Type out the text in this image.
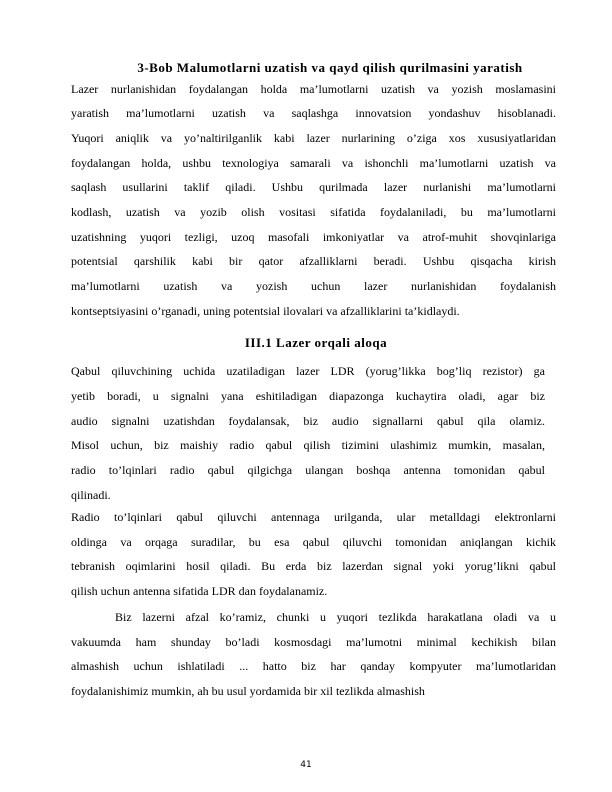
3-Bob Malumotlarni uzatish va qayd qilish qurilmasini yaratish
Lazer nurlanishidan foydalangan holda ma’lumotlarni uzatish va yozish moslamasini
yaratish ma’lumotlarni uzatish va saqlashga innovatsion yondashuv hisoblanadi.
Yuqori aniqlik va yo’naltirilganlik kabi lazer nurlarining o’ziga xos xususiyatlaridan
foydalangan holda, ushbu texnologiya samarali va ishonchli ma’lumotlarni uzatish va
saqlash usullarini taklif qiladi. Ushbu qurilmada lazer nurlanishi ma’lumotlarni
kodlash, uzatish va yozib olish vositasi sifatida foydalaniladi, bu ma’lumotlarni
uzatishning yuqori tezligi, uzoq masofali imkoniyatlar va atrof-muhit shovqinlariga
potentsial qarshilik kabi bir qator afzalliklarni beradi. Ushbu qisqacha kirish
ma’lumotlarni uzatish va yozish uchun lazer nurlanishidan foydalanish
kontseptsiyasini o’rganadi, uning potentsial ilovalari va afzalliklarini ta’kidlaydi.
III.1 Lazer orqali aloqa
Qabul qiluvchining uchida uzatiladigan lazer LDR (yorug’likka bog’liq rezistor) ga
yetib boradi, u signalni yana eshitiladigan diapazonga kuchaytira oladi, agar biz
audio signalni uzatishdan foydalansak, biz audio signallarni qabul qila olamiz.
Misol uchun, biz maishiy radio qabul qilish tizimini ulashimiz mumkin, masalan,
radio to’lqinlari radio qabul qilgichga ulangan boshqa antenna tomonidan qabul
qilinadi.
Radio to’lqinlari qabul qiluvchi antennaga urilganda, ular metalldagi elektronlarni
oldinga va orqaga suradilar, bu esa qabul qiluvchi tomonidan aniqlangan kichik
tebranish oqimlarini hosil qiladi. Bu erda biz lazerdan signal yoki yorug’likni qabul
qilish uchun antenna sifatida LDR dan foydalanamiz.
Biz lazerni afzal ko’ramiz, chunki u yuqori tezlikda harakatlana oladi va u
vakuumda ham shunday bo’ladi kosmosdagi ma’lumotni minimal kechikish bilan
almashish uchun ishlatiladi ... hatto biz har qanday kompyuter ma’lumotlaridan
foydalanishimiz mumkin, ah bu usul yordamida bir xil tezlikda almashish
41
